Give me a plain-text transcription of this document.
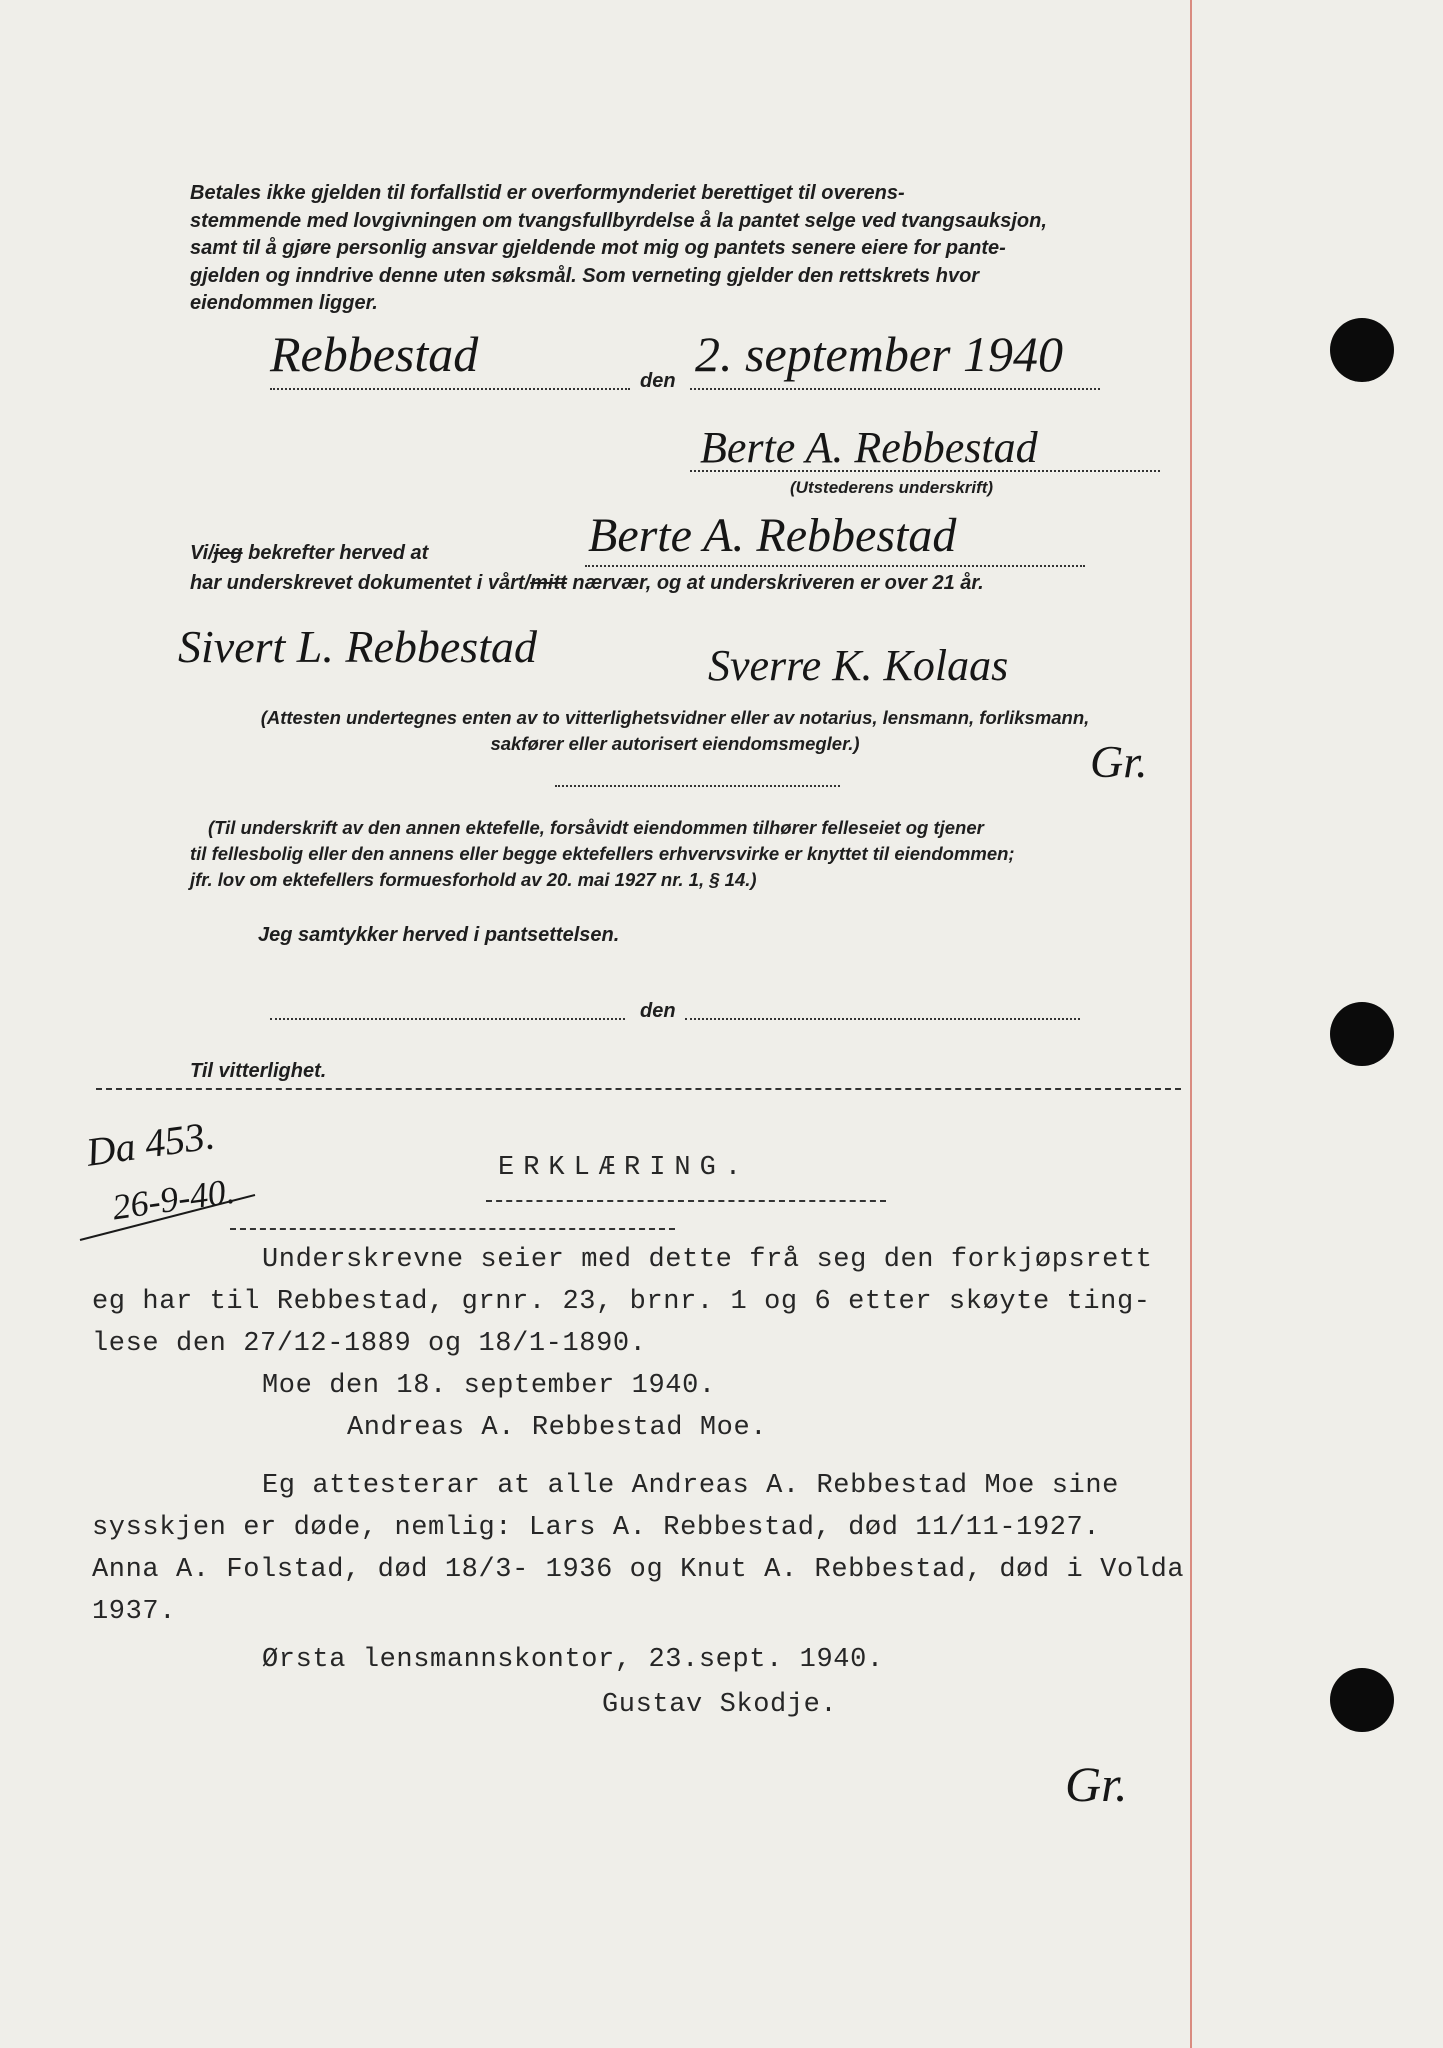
Betales ikke gjelden til forfallstid er overformynderiet berettiget til overens-
stemmende med lovgivningen om tvangsfullbyrdelse å la pantet selge ved tvangsauksjon,
samt til å gjøre personlig ansvar gjeldende mot mig og pantets senere eiere for pante-
gjelden og inndrive denne uten søksmål. Som verneting gjelder den rettskrets hvor
eiendommen ligger.
Rebbestad	den 2. september 1940
Berte A. Rebbestad
(Utstederens underskrift)
Vi/jeg bekrefter herved at	Berte A. Rebbestad
har underskrevet dokumentet i vårt/mitt nærvær, og at underskriveren er over 21 år.
Sivert L. Rebbestad	Sverre K. Kolaas
(Attesten undertegnes enten av to vitterlighetsvidner eller av notarius, lensmann, forliksmann,
sakfører eller autorisert eiendomsmegler.)	Gr.
(Til underskrift av den annen ektefelle, forsåvidt eiendommen tilhører felleseiet og tjener
til fellesbolig eller den annens eller begge ektefellers erhvervsvirke er knyttet til eiendommen;
jfr. lov om ektefellers formuesforhold av 20. mai 1927 nr. 1, § 14.)
Jeg samtykker herved i pantsettelsen.
den
Til vitterlighet.
Da 453.
26-9-40.
ERKLÆRING.
Underskrevne seier med dette frå seg den forkjøpsrett
eg har til Rebbestad, grnr. 23, brnr. 1 og 6 etter skøyte ting-
lese den 27/12-1889 og 18/1-1890.
Moe den 18. september 1940.
Andreas A. Rebbestad Moe.
Eg attesterar at alle Andreas A. Rebbestad Moe sine
sysskjen er døde, nemlig: Lars A. Rebbestad, død 11/11-1927.
Anna A. Folstad, død 18/3- 1936 og Knut A. Rebbestad, død i Volda
1937.
Ørsta lensmannskontor, 23.sept. 1940.
Gustav Skodje.
Gr.
